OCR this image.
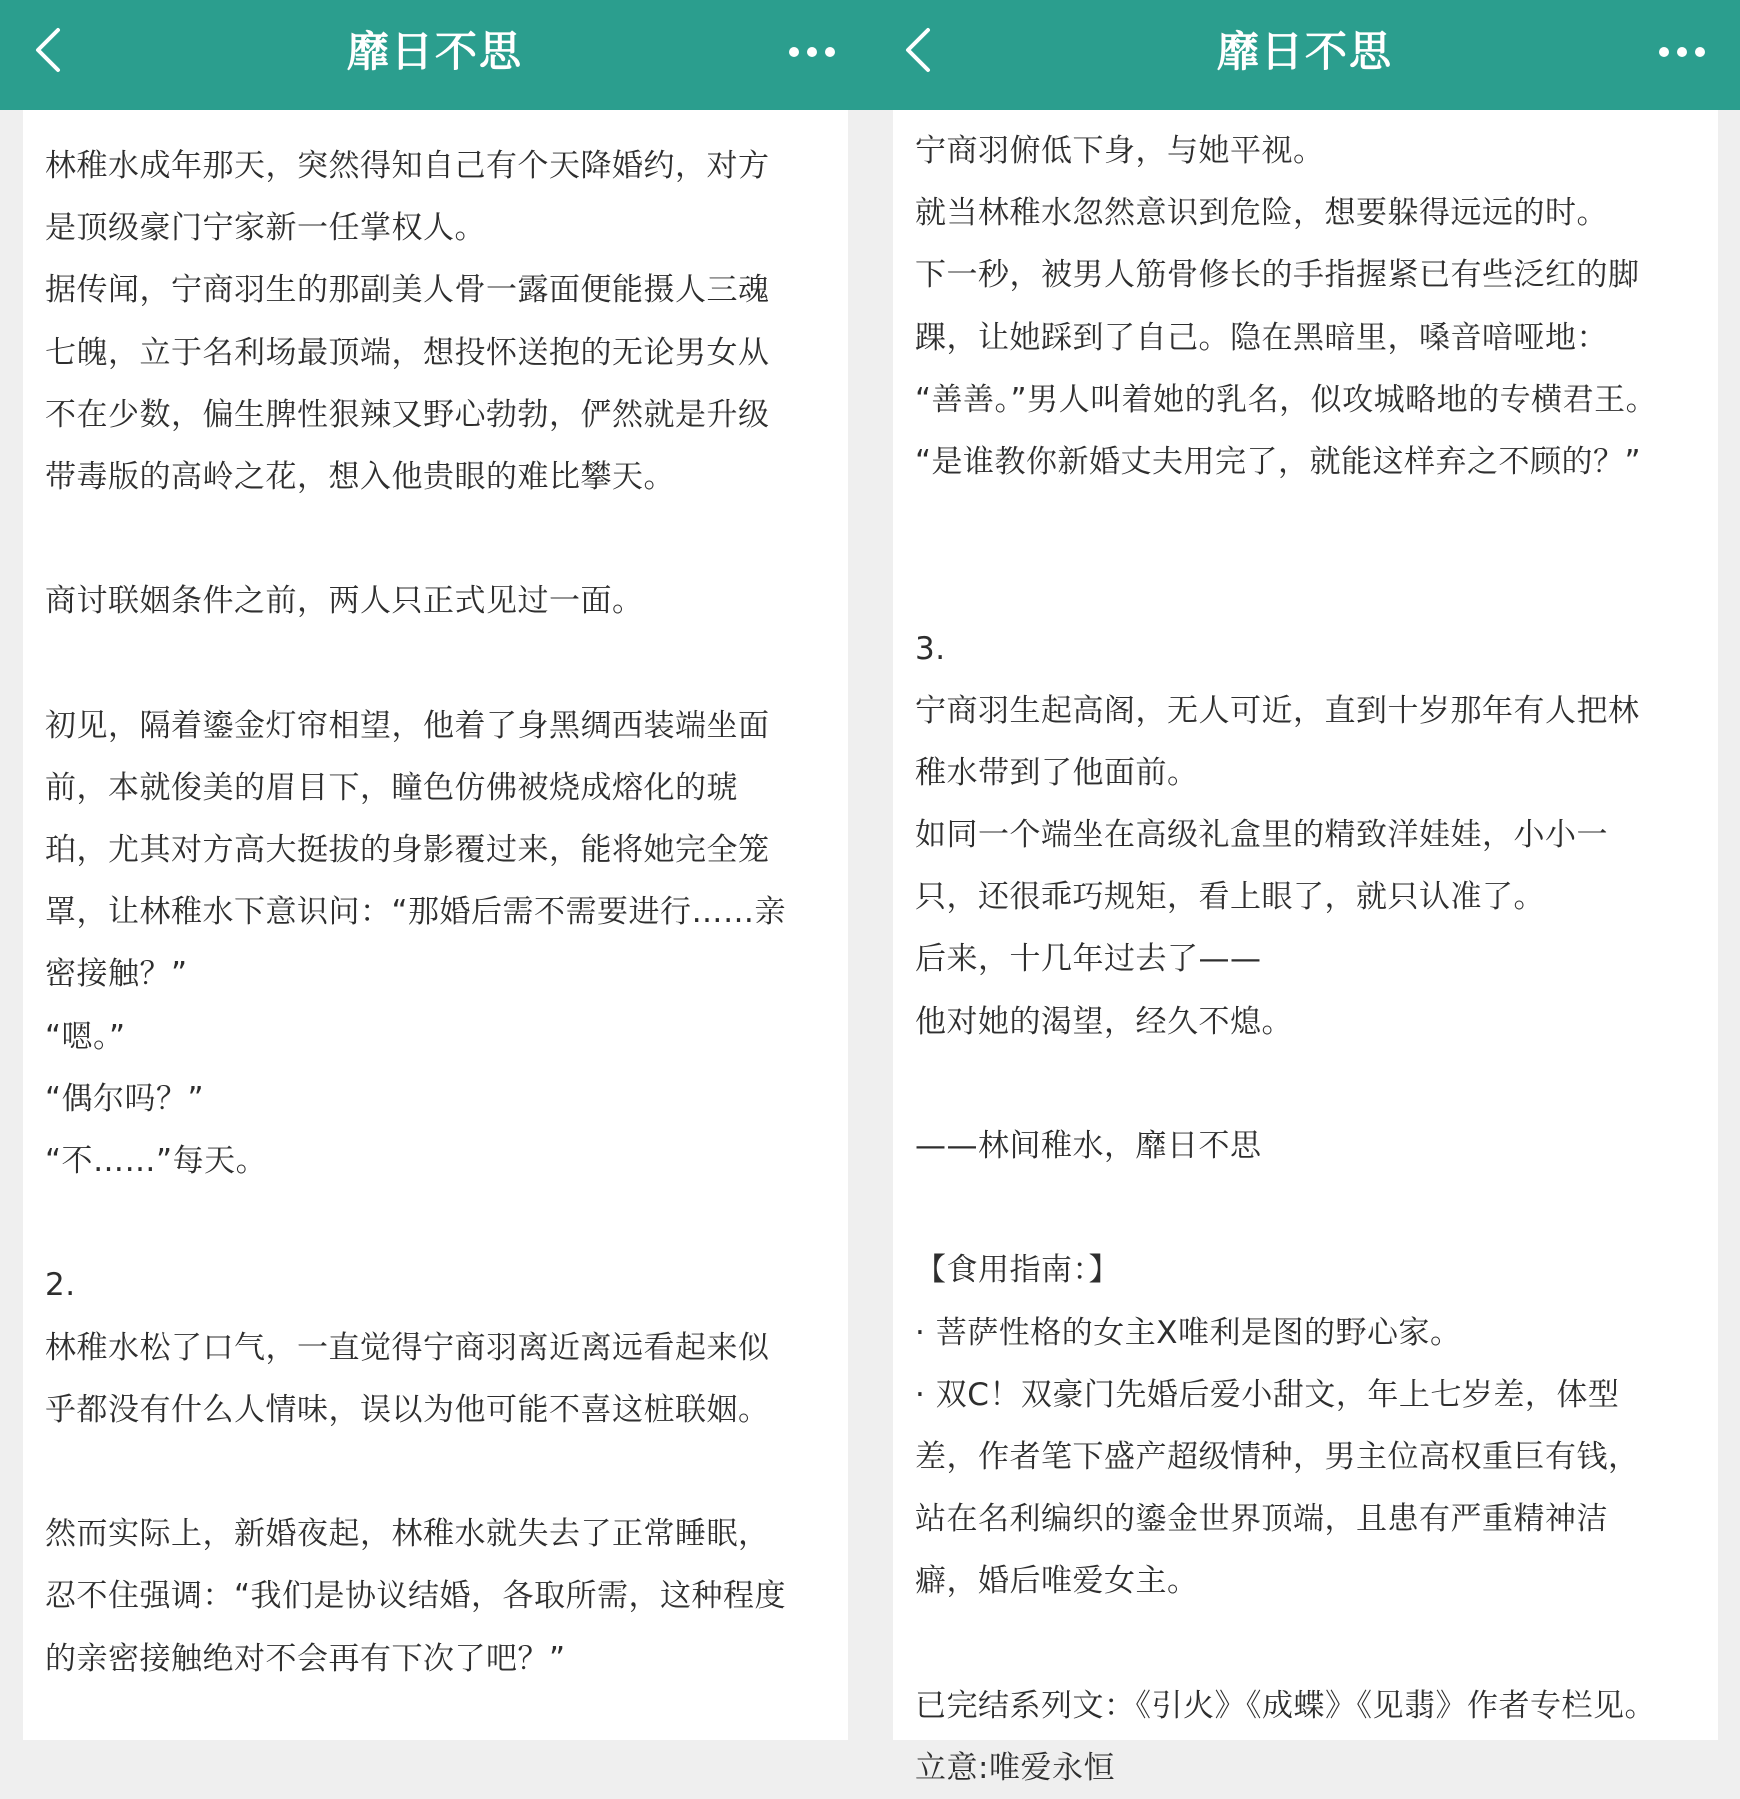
靡日不思
林稚水成年那天，突然得知自己有个天降婚约，对方
是顶级豪门宁家新一任掌权人。
据传闻，宁商羽生的那副美人骨一露面便能摄人三魂
七魄，立于名利场最顶端，想投怀送抱的无论男女从
不在少数，偏生脾性狠辣又野心勃勃，俨然就是升级
带毒版的高岭之花，想入他贵眼的难比攀天。
商讨联姻条件之前，两人只正式见过一面。
初见，隔着鎏金灯帘相望，他着了身黑绸西装端坐面
前，本就俊美的眉目下，瞳色仿佛被烧成熔化的琥
珀，尤其对方高大挺拔的身影覆过来，能将她完全笼
罩，让林稚水下意识问：“那婚后需不需要进行……亲
密接触？”
“嗯。”
“偶尔吗？”
“不……”每天。
2.
林稚水松了口气，一直觉得宁商羽离近离远看起来似
乎都没有什么人情味，误以为他可能不喜这桩联姻。
然而实际上，新婚夜起，林稚水就失去了正常睡眠，
忍不住强调：“我们是协议结婚，各取所需，这种程度
的亲密接触绝对不会再有下次了吧？”
靡日不思
宁商羽俯低下身，与她平视。
就当林稚水忽然意识到危险，想要躲得远远的时。
下一秒，被男人筋骨修长的手指握紧已有些泛红的脚
踝，让她踩到了自己。隐在黑暗里，嗓音喑哑地：
“善善。”男人叫着她的乳名，似攻城略地的专横君王。
“是谁教你新婚丈夫用完了，就能这样弃之不顾的？”
3.
宁商羽生起高阁，无人可近，直到十岁那年有人把林
稚水带到了他面前。
如同一个端坐在高级礼盒里的精致洋娃娃，小小一
只，还很乖巧规矩，看上眼了，就只认准了。
后来，十几年过去了——
他对她的渴望，经久不熄。
——林间稚水，靡日不思
【食用指南：】
· 菩萨性格的女主X唯利是图的野心家。
· 双C！双豪门先婚后爱小甜文，年上七岁差，体型
差，作者笔下盛产超级情种，男主位高权重巨有钱，
站在名利编织的鎏金世界顶端，且患有严重精神洁
癖，婚后唯爱女主。
已完结系列文：《引火》《成蝶》《见翡》作者专栏见。
立意:唯爱永恒
